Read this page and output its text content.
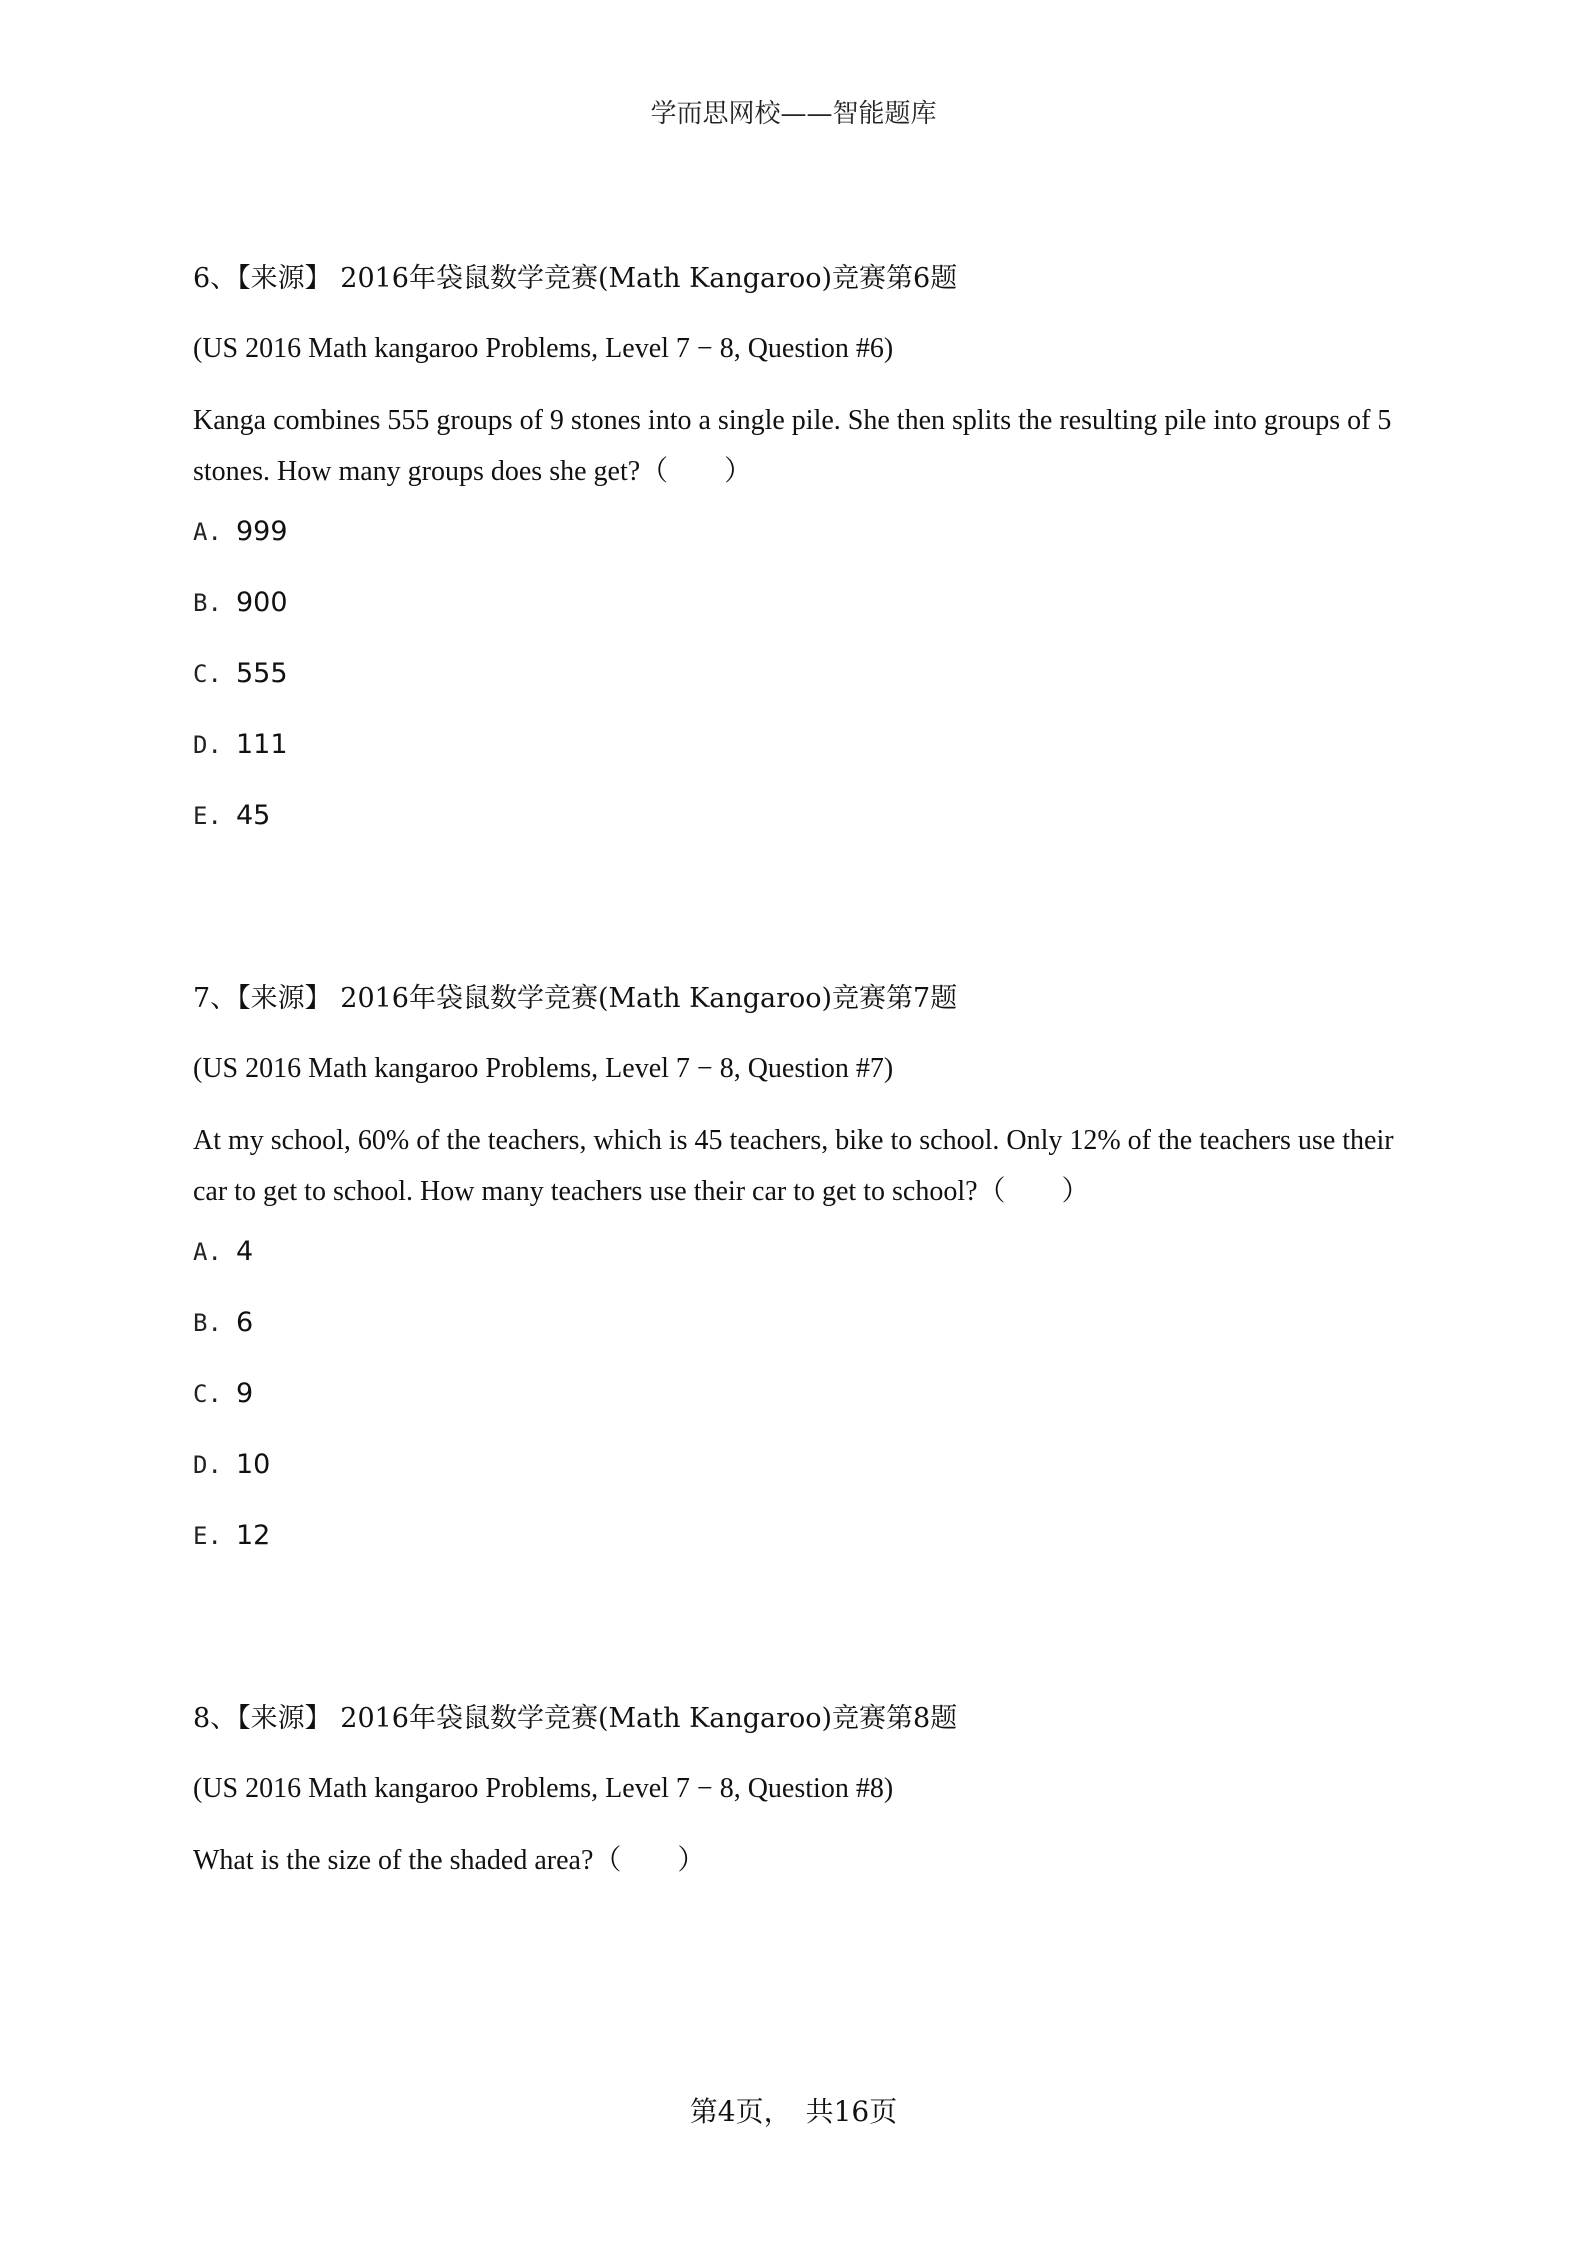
学而思网校——智能题库
6、【来源】 2016年袋鼠数学竞赛(Math Kangaroo)竞赛第6题
(US 2016 Math kangaroo Problems, Level 7 − 8, Question #6)
Kanga combines 555 groups of 9 stones into a single pile. She then splits the resulting pile into groups of 5 stones. How many groups does she get?（　　）
A. 999
B. 900
C. 555
D. 111
E. 45
7、【来源】 2016年袋鼠数学竞赛(Math Kangaroo)竞赛第7题
(US 2016 Math kangaroo Problems, Level 7 − 8, Question #7)
At my school, 60% of the teachers, which is 45 teachers, bike to school. Only 12% of the teachers use their car to get to school. How many teachers use their car to get to school?（　　）
A. 4
B. 6
C. 9
D. 10
E. 12
8、【来源】 2016年袋鼠数学竞赛(Math Kangaroo)竞赛第8题
(US 2016 Math kangaroo Problems, Level 7 − 8, Question #8)
What is the size of the shaded area?（　　）
第4页，　共16页
